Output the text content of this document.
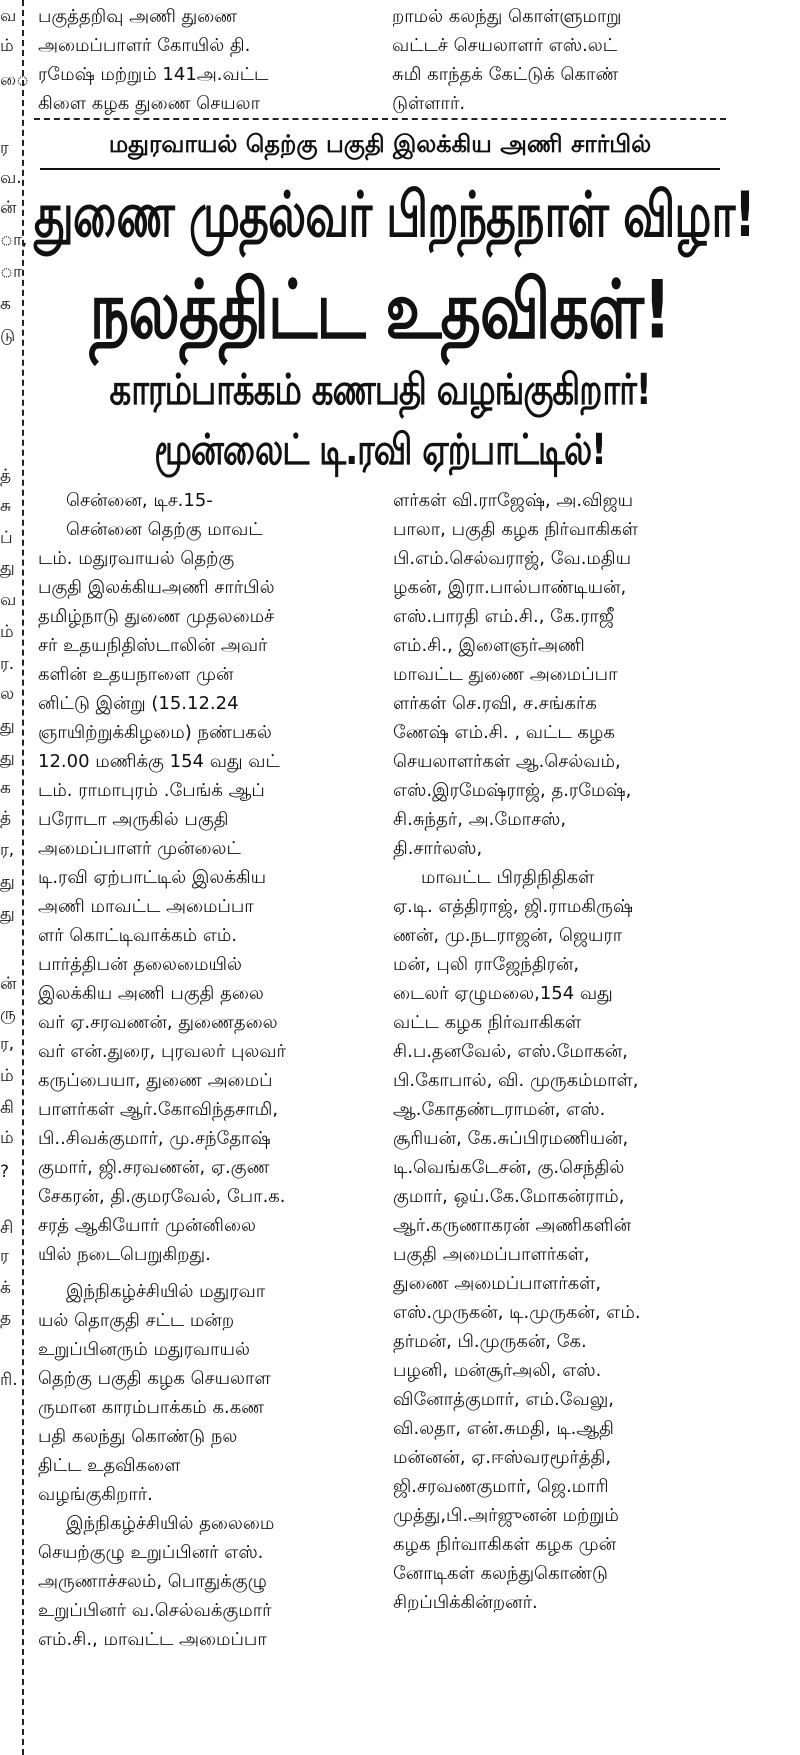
வ
ம்
ை
ர
வ.
ன்
ா,
ா
க
டு
த்
சு
ப்
து
வ
ம்
ர.
ல
து
து
க
த்
ர,
து
து
ன்
ரு
ர,
ம்
கி
ம்
?
சி
ர
க்
த
ரி.

பகுத்தறிவு அணி துணை

அமைப்பாளர் கோயில் தி.

ரமேஷ் மற்றும் 141அ.வட்ட

கிளை கழக துணை செயலா

றாமல் கலந்து கொள்ளுமாறு

வட்டச் செயலாளர் எஸ்.லட்

சுமி காந்தக் கேட்டுக் கொண்

டுள்ளார்.

மதுரவாயல் தெற்கு பகுதி இலக்கிய அணி சார்பில்
துணை முதல்வர் பிறந்தநாள் விழா!
நலத்திட்ட உதவிகள்!
காரம்பாக்கம் கணபதி வழங்குகிறார்!
மூன்லைட் டி.ரவி ஏற்பாட்டில்!

சென்னை, டிச.15-

சென்னை தெற்கு மாவட்

டம். மதுரவாயல் தெற்கு

பகுதி இலக்கியஅணி சார்பில்

தமிழ்நாடு துணை முதலமைச்

சர் உதயநிதிஸ்டாலின் அவர்

களின் உதயநாளை முன்

னிட்டு இன்று (15.12.24

ஞாயிற்றுக்கிழமை) நண்பகல்

12.00 மணிக்கு 154 வது வட்

டம். ராமாபுரம் .பேங்க் ஆப்

பரோடா அருகில் பகுதி

அமைப்பாளர் முன்லைட்

டி.ரவி ஏற்பாட்டில் இலக்கிய

அணி மாவட்ட அமைப்பா

ளர் கொட்டிவாக்கம் எம்.

பார்த்திபன் தலைமையில்

இலக்கிய அணி பகுதி தலை

வர் ஏ.சரவணன், துணைதலை

வர் என்.துரை, புரவலர் புலவர்

கருப்பையா, துணை அமைப்

பாளர்கள் ஆர்.கோவிந்தசாமி,

பி..சிவக்குமார், மு.சந்தோஷ்

குமார், ஜி.சரவணன், ஏ.குண

சேகரன், தி.குமரவேல், போ.க.

சரத் ஆகியோர் முன்னிலை

யில் நடைபெறுகிறது.

இந்நிகழ்ச்சியில் மதுரவா

யல் தொகுதி சட்ட மன்ற

உறுப்பினரும் மதுரவாயல்

தெற்கு பகுதி கழக செயலாள

ருமான காரம்பாக்கம் க.கண

பதி கலந்து கொண்டு நல

திட்ட உதவிகளை

வழங்குகிறார்.

இந்நிகழ்ச்சியில் தலைமை

செயற்குழு உறுப்பினர் எஸ்.

அருணாச்சலம், பொதுக்குழு

உறுப்பினர் வ.செல்வக்குமார்

எம்.சி., மாவட்ட அமைப்பா

ளர்கள் வி.ராஜேஷ், அ.விஜய

பாலா, பகுதி கழக நிர்வாகிகள்

பி.எம்.செல்வராஜ், வே.மதிய

ழகன், இரா.பால்பாண்டியன்,

எஸ்.பாரதி எம்.சி., கே.ராஜீ

எம்.சி., இளைஞர்அணி

மாவட்ட துணை அமைப்பா

ளர்கள் செ.ரவி, ச.சங்கர்க

ணேஷ் எம்.சி. , வட்ட கழக

செயலாளர்கள் ஆ.செல்வம்,

எஸ்.இரமேஷ்ராஜ், த.ரமேஷ்,

சி.சுந்தர், அ.மோசஸ்,

தி.சார்லஸ்,

மாவட்ட பிரதிநிதிகள்

ஏ.டி. எத்திராஜ், ஜி.ராமகிருஷ்

ணன், மு.நடராஜன், ஜெயரா

மன், புலி ராஜேந்திரன்,

டைலர் ஏழுமலை,154 வது

வட்ட கழக நிர்வாகிகள்

சி.ப.தனவேல், எஸ்.மோகன்,

பி.கோபால், வி. முருகம்மாள்,

ஆ.கோதண்டராமன், எஸ்.

சூரியன், கே.சுப்பிரமணியன்,

டி.வெங்கடேசன், கு.செந்தில்

குமார், ஒய்.கே.மோகன்ராம்,

ஆர்.கருணாகரன் அணிகளின்

பகுதி அமைப்பாளர்கள்,

துணை அமைப்பாளர்கள்,

எஸ்.முருகன், டி.முருகன், எம்.

தர்மன், பி.முருகன், கே.

பழனி, மன்சூர்அலி, எஸ்.

வினோத்குமார், எம்.வேலு,

வி.லதா, என்.சுமதி, டி.ஆதி

மன்னன், ஏ.ஈஸ்வரமூர்த்தி,

ஜி.சரவணகுமார், ஜெ.மாரி

முத்து,பி.அர்ஜுனன் மற்றும்

கழக நிர்வாகிகள் கழக முன்

னோடிகள் கலந்துகொண்டு

சிறப்பிக்கின்றனர்.
